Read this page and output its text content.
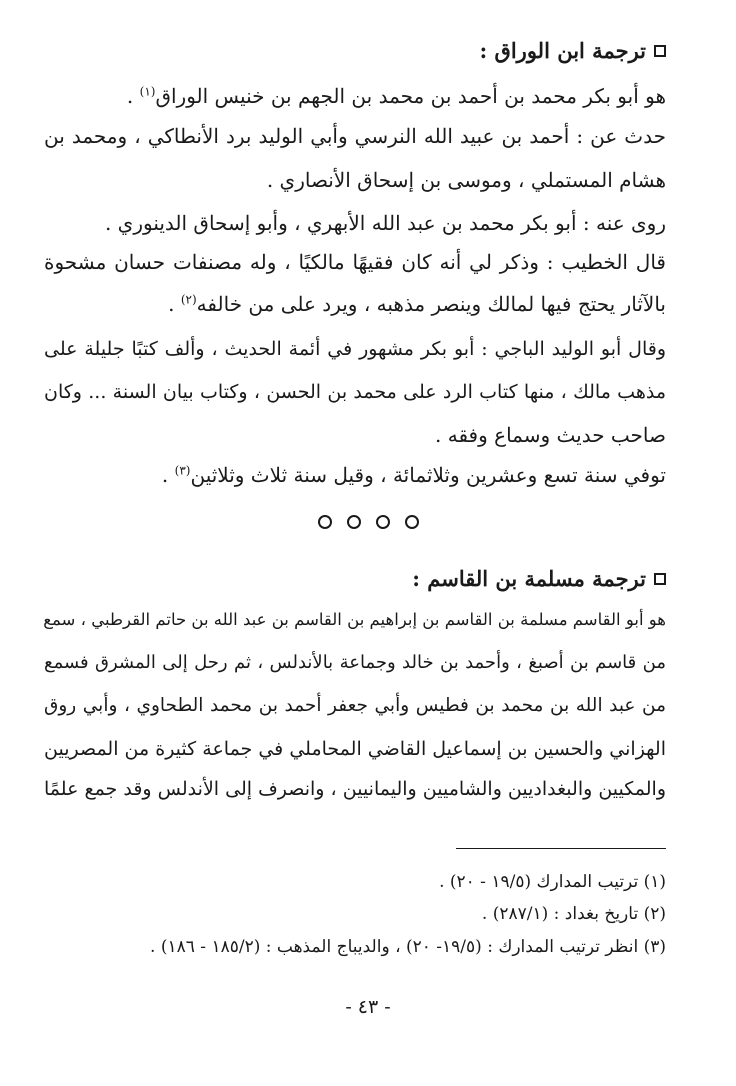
ترجمة ابن الوراق :
هو أبو بكر محمد بن أحمد بن محمد بن الجهم بن خنيس الوراق$^{(١)}$ .
حدث عن : أحمد بن عبيد الله النرسي وأبي الوليد برد الأنطاكي ، ومحمد بن
هشام المستملي ، وموسى بن إسحاق الأنصاري .
روى عنه : أبو بكر محمد بن عبد الله الأبهري ، وأبو إسحاق الدينوري .
قال الخطيب : وذكر لي أنه كان فقيهًا مالكيًا ، وله مصنفات حسان مشحوة
بالآثار يحتج فيها لمالك وينصر مذهبه ، ويرد على من خالفه$^{(٢)}$ .
وقال أبو الوليد الباجي : أبو بكر مشهور في أئمة الحديث ، وألف كتبًا جليلة على
مذهب مالك ، منها كتاب الرد على محمد بن الحسن ، وكتاب بيان السنة ... وكان
صاحب حديث وسماع وفقه .
توفي سنة تسع وعشرين وثلاثمائة ، وقيل سنة ثلاث وثلاثين$^{(٣)}$ .
ترجمة مسلمة بن القاسم :
هو أبو القاسم مسلمة بن القاسم بن إبراهيم بن القاسم بن عبد الله بن حاتم القرطبي ، سمع
من قاسم بن أصبغ ، وأحمد بن خالد وجماعة بالأندلس ، ثم رحل إلى المشرق فسمع
من عبد الله بن محمد بن فطيس وأبي جعفر أحمد بن محمد الطحاوي ، وأبي روق
الهزاني والحسين بن إسماعيل القاضي المحاملي في جماعة كثيرة من المصريين
والمكيين والبغداديين والشاميين واليمانيين ، وانصرف إلى الأندلس وقد جمع علمًا
(١) ترتيب المدارك (١٩/٥ - ٢٠) .
(٢) تاريخ بغداد : (٢٨٧/١) .
(٣) انظر ترتيب المدارك : (١٩/٥- ٢٠) ، والديباج المذهب : (١٨٥/٢ - ١٨٦) .
- ٤٣ -
